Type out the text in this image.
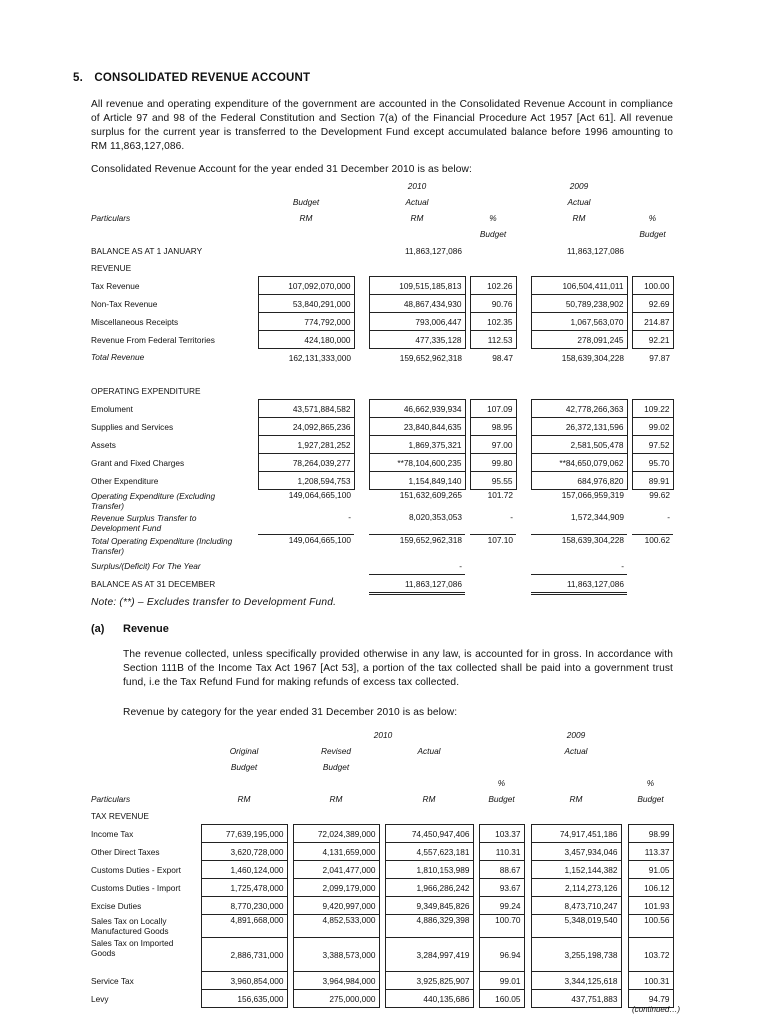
5. CONSOLIDATED REVENUE ACCOUNT
All revenue and operating expenditure of the government are accounted in the Consolidated Revenue Account in compliance of Article 97 and 98 of the Federal Constitution and Section 7(a) of the Financial Procedure Act 1957 [Act 61]. All revenue surplus for the current year is transferred to the Development Fund except accumulated balance before 1996 amounting to RM 11,863,127,086.
Consolidated Revenue Account for the year ended 31 December 2010 is as below:
			2010				2009		
	Budget		Actual				Actual		
Particulars	RM		RM		%		RM		%
					Budget				Budget
BALANCE AS AT 1 JANUARY			11,863,127,086				11,863,127,086		
REVENUE									
Tax Revenue	107,092,070,000		109,515,185,813		102.26		106,504,411,011		100.00
Non-Tax Revenue	53,840,291,000		48,867,434,930		90.76		50,789,238,902		92.69
Miscellaneous Receipts	774,792,000		793,006,447		102.35		1,067,563,070		214.87
Revenue From Federal Territories	424,180,000		477,335,128		112.53		278,091,245		92.21
Total Revenue	162,131,333,000		159,652,962,318		98.47		158,639,304,228		97.87

OPERATING EXPENDITURE									
Emolument	43,571,884,582		46,662,939,934		107.09		42,778,266,363		109.22
Supplies and Services	24,092,865,236		23,840,844,635		98.95		26,372,131,596		99.02
Assets	1,927,281,252		1,869,375,321		97.00		2,581,505,478		97.52
Grant and Fixed Charges	78,264,039,277		**78,104,600,235		99.80		**84,650,079,062		95.70
Other Expenditure	1,208,594,753		1,154,849,140		95.55		684,976,820		89.91
Operating Expenditure (Excluding Transfer)	149,064,665,100		151,632,609,265		101.72		157,066,959,319		99.62
Revenue Surplus Transfer to Development Fund	-		8,020,353,053		-		1,572,344,909		-
Total Operating Expenditure (Including Transfer)	149,064,665,100		159,652,962,318		107.10		158,639,304,228		100.62
Surplus/(Deficit) For The Year			-				-		
BALANCE AS AT 31 DECEMBER			11,863,127,086				11,863,127,086		
Note: (**) – Excludes transfer to Development Fund.
(a) Revenue
The revenue collected, unless specifically provided otherwise in any law, is accounted for in gross. In accordance with Section 111B of the Income Tax Act 1967 [Act 53], a portion of the tax collected shall be paid into a government trust fund, i.e the Tax Refund Fund for making refunds of excess tax collected.
Revenue by category for the year ended 31 December 2010 is as below:
			2010						2009		
	Original		Revised		Actual				Actual		
	Budget		Budget								
							%				%
Particulars	RM		RM		RM		Budget		RM		Budget
TAX REVENUE											
Income Tax	77,639,195,000		72,024,389,000		74,450,947,406		103.37		74,917,451,186		98.99
Other Direct Taxes	3,620,728,000		4,131,659,000		4,557,623,181		110.31		3,457,934,046		113.37
Customs Duties - Export	1,460,124,000		2,041,477,000		1,810,153,989		88.67		1,152,144,382		91.05
Customs Duties - Import	1,725,478,000		2,099,179,000		1,966,286,242		93.67		2,114,273,126		106.12
Excise Duties	8,770,230,000		9,420,997,000		9,349,845,826		99.24		8,473,710,247		101.93
Sales Tax on Locally Manufactured Goods	4,891,668,000		4,852,533,000		4,886,329,398		100.70		5,348,019,540		100.56
Sales Tax on Imported Goods	2,886,731,000		3,388,573,000		3,284,997,419		96.94		3,255,198,738		103.72
Service Tax	3,960,854,000		3,964,984,000		3,925,825,907		99.01		3,344,125,618		100.31
Levy	156,635,000		275,000,000		440,135,686		160.05		437,751,883		94.79
(continued…)
